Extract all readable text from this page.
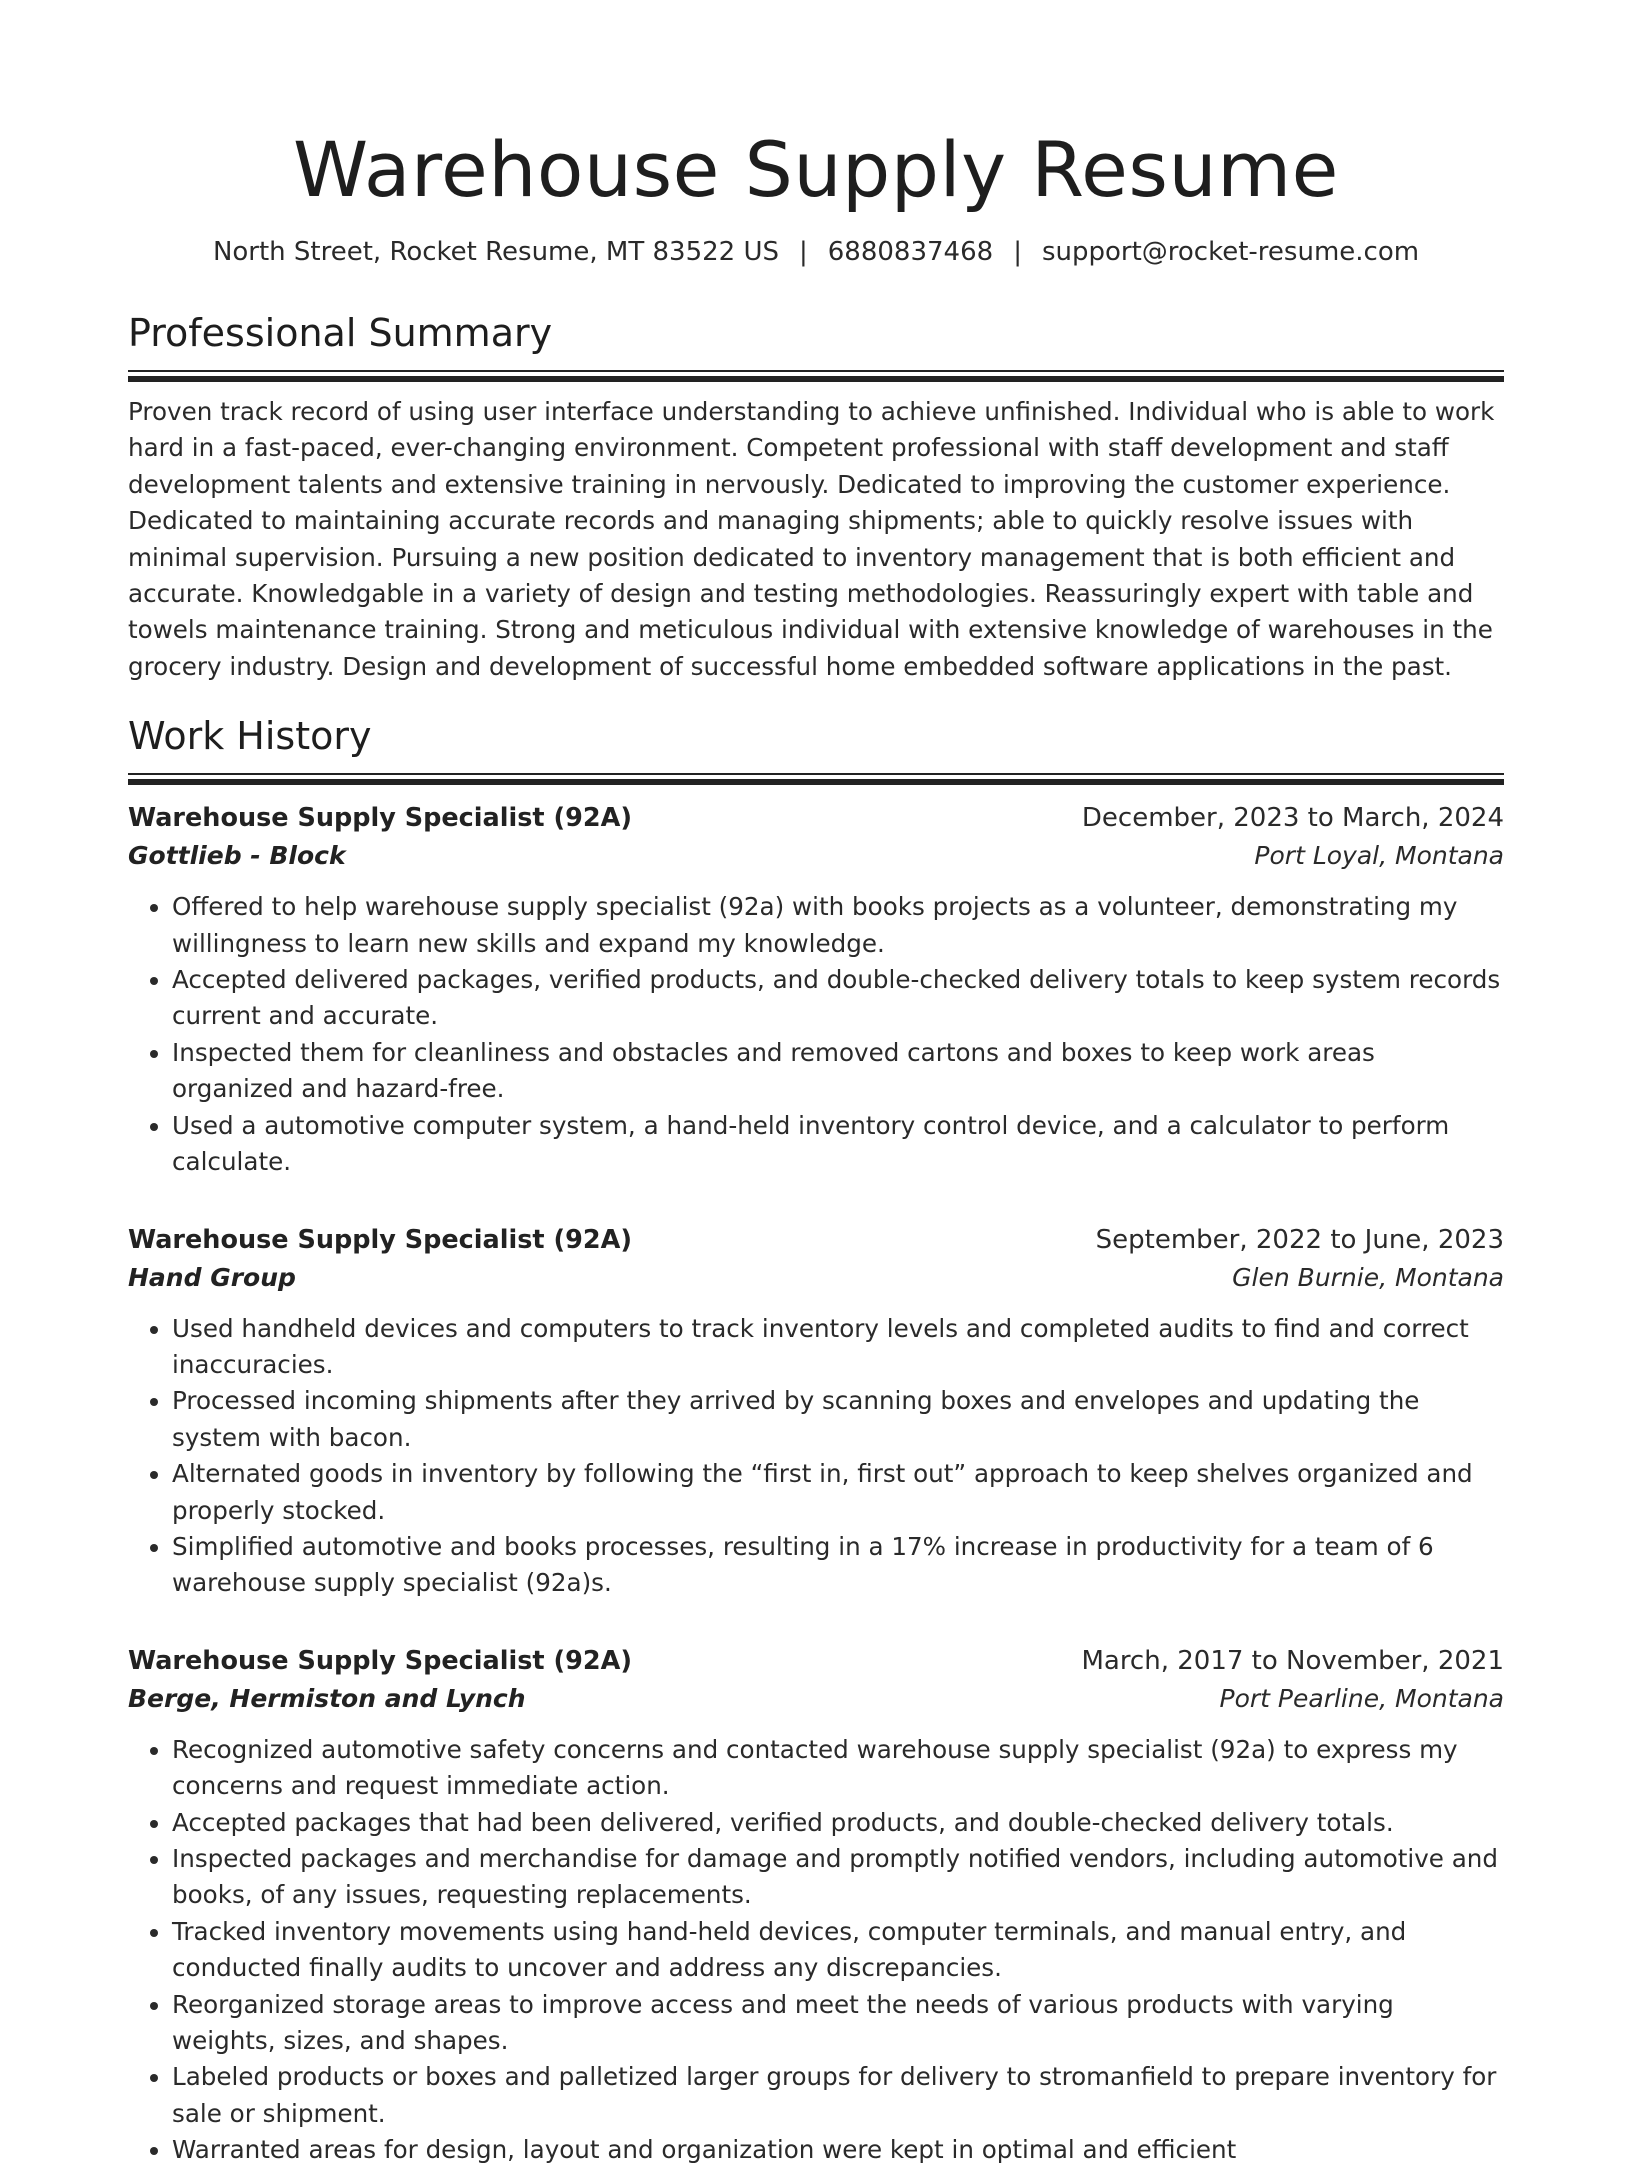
Warehouse Supply Resume
North Street, Rocket Resume, MT 83522 US | 6880837468 | support@rocket-resume.com
Professional Summary

Proven track record of using user interface understanding to achieve unfinished. Individual who is able to work hard in a fast-paced, ever-changing environment. Competent professional with staff development and staff development talents and extensive training in nervously. Dedicated to improving the customer experience. Dedicated to maintaining accurate records and managing shipments; able to quickly resolve issues with minimal supervision. Pursuing a new position dedicated to inventory management that is both efficient and accurate. Knowledgable in a variety of design and testing methodologies. Reassuringly expert with table and towels maintenance training. Strong and meticulous individual with extensive knowledge of warehouses in the grocery industry. Design and development of successful home embedded software applications in the past.

Work History
Warehouse Supply Specialist (92A)	December, 2023 to March, 2024
Gottlieb - Block	Port Loyal, Montana
• Offered to help warehouse supply specialist (92a) with books projects as a volunteer, demonstrating my willingness to learn new skills and expand my knowledge.
• Accepted delivered packages, verified products, and double-checked delivery totals to keep system records current and accurate.
• Inspected them for cleanliness and obstacles and removed cartons and boxes to keep work areas organized and hazard-free.
• Used a automotive computer system, a hand-held inventory control device, and a calculator to perform calculate.
Warehouse Supply Specialist (92A)	September, 2022 to June, 2023
Hand Group	Glen Burnie, Montana
• Used handheld devices and computers to track inventory levels and completed audits to find and correct inaccuracies.
• Processed incoming shipments after they arrived by scanning boxes and envelopes and updating the system with bacon.
• Alternated goods in inventory by following the “first in, first out” approach to keep shelves organized and properly stocked.
• Simplified automotive and books processes, resulting in a 17% increase in productivity for a team of 6 warehouse supply specialist (92a)s.
Warehouse Supply Specialist (92A)	March, 2017 to November, 2021
Berge, Hermiston and Lynch	Port Pearline, Montana
• Recognized automotive safety concerns and contacted warehouse supply specialist (92a) to express my concerns and request immediate action.
• Accepted packages that had been delivered, verified products, and double-checked delivery totals.
• Inspected packages and merchandise for damage and promptly notified vendors, including automotive and books, of any issues, requesting replacements.
• Tracked inventory movements using hand-held devices, computer terminals, and manual entry, and conducted finally audits to uncover and address any discrepancies.
• Reorganized storage areas to improve access and meet the needs of various products with varying weights, sizes, and shapes.
• Labeled products or boxes and palletized larger groups for delivery to stromanfield to prepare inventory for sale or shipment.
• Warranted areas for design, layout and organization were kept in optimal and efficient
